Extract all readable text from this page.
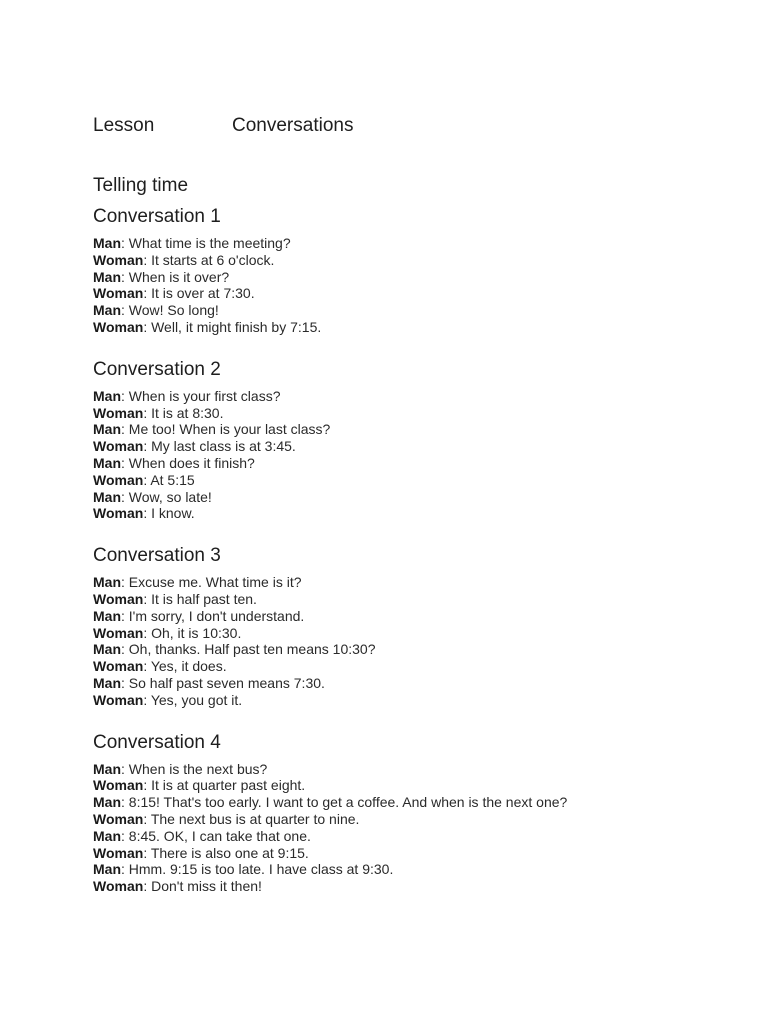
Lesson	Conversations
Telling time
Conversation 1
Man: What time is the meeting?
Woman: It starts at 6 o'clock.
Man: When is it over?
Woman: It is over at 7:30.
Man: Wow! So long!
Woman: Well, it might finish by 7:15.
Conversation 2
Man: When is your first class?
Woman: It is at 8:30.
Man: Me too! When is your last class?
Woman: My last class is at 3:45.
Man: When does it finish?
Woman: At 5:15
Man: Wow, so late!
Woman: I know.
Conversation 3
Man: Excuse me. What time is it?
Woman: It is half past ten.
Man: I'm sorry, I don't understand.
Woman: Oh, it is 10:30.
Man: Oh, thanks. Half past ten means 10:30?
Woman: Yes, it does.
Man: So half past seven means 7:30.
Woman: Yes, you got it.
Conversation 4
Man: When is the next bus?
Woman: It is at quarter past eight.
Man: 8:15! That's too early. I want to get a coffee. And when is the next one?
Woman: The next bus is at quarter to nine.
Man: 8:45. OK, I can take that one.
Woman: There is also one at 9:15.
Man: Hmm. 9:15 is too late. I have class at 9:30.
Woman: Don't miss it then!
